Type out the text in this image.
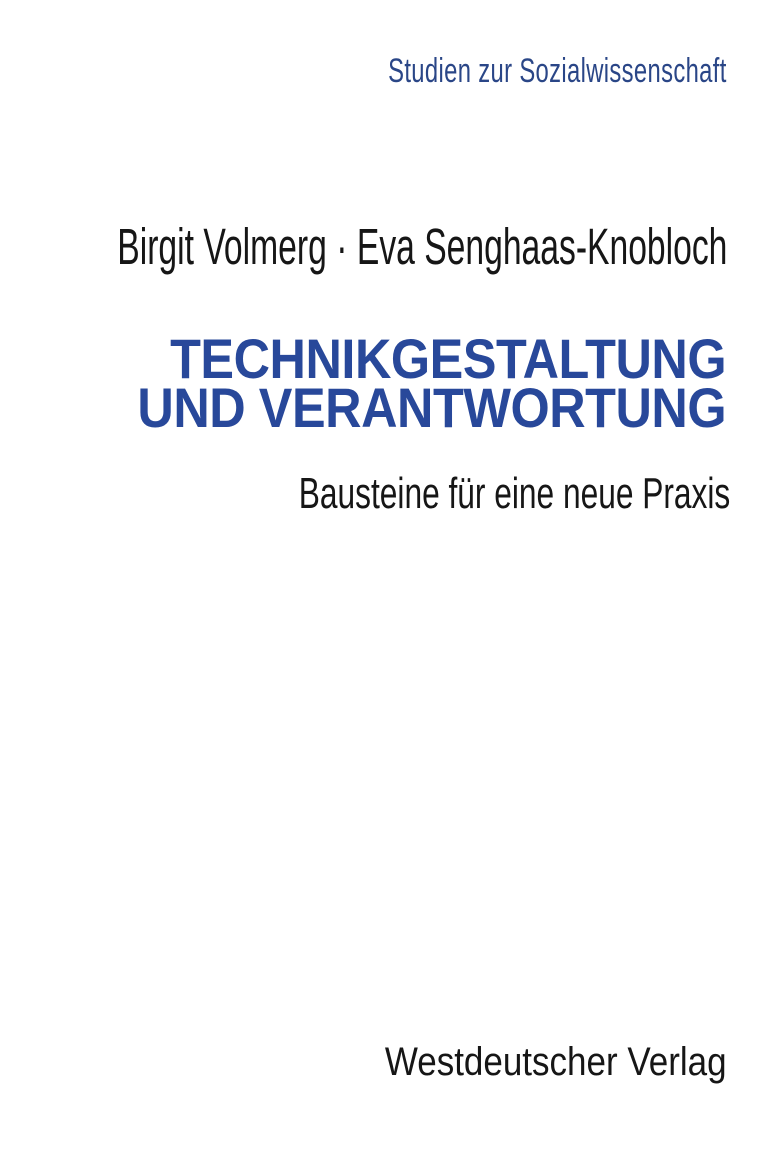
Studien zur Sozialwissenschaft
Birgit Volmerg · Eva Senghaas-Knobloch
TECHNIKGESTALTUNG
UND VERANTWORTUNG
Bausteine für eine neue Praxis
Westdeutscher Verlag
